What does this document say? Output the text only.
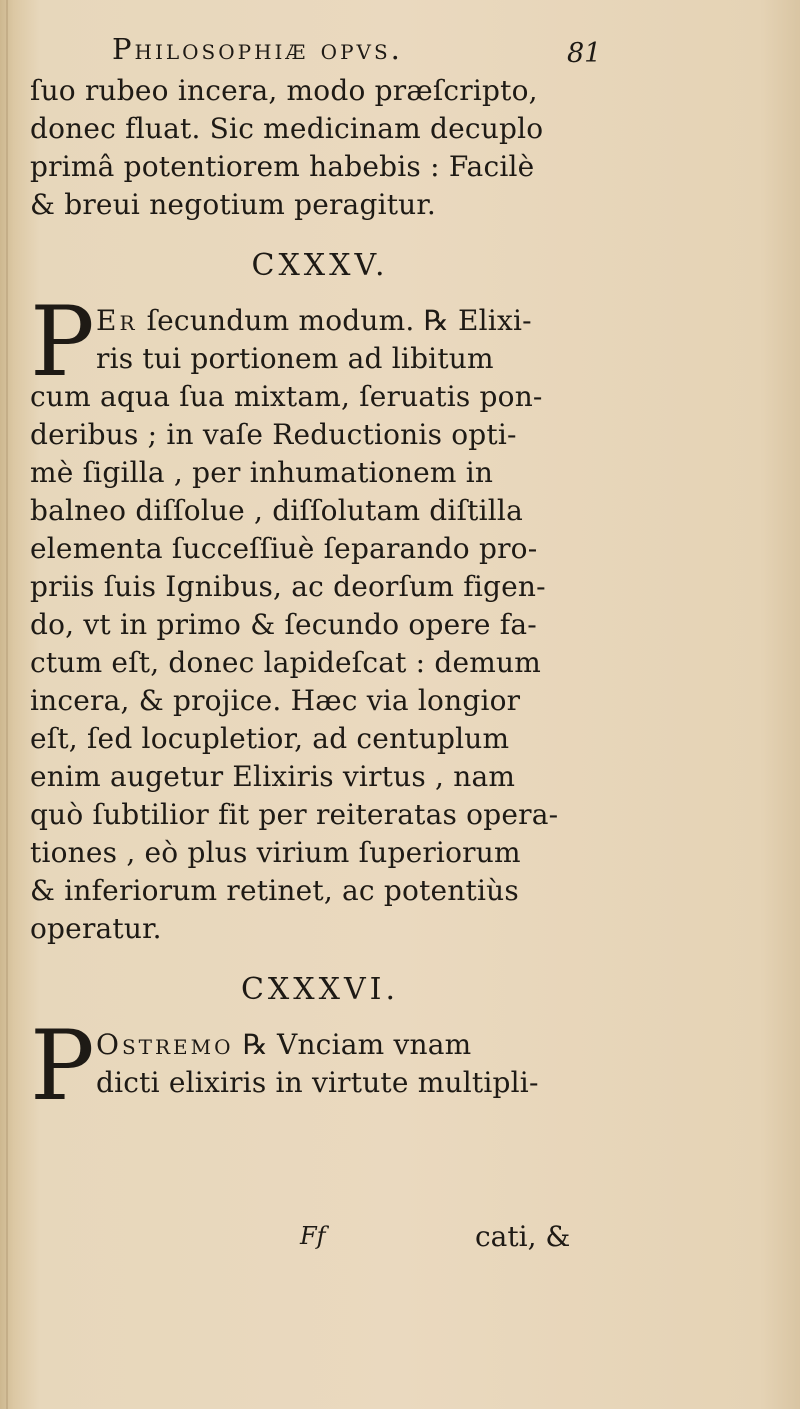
Philosophiæ opvs.	81
ſuo rubeo incera, modo præſcripto,
donec fluat. Sic medicinam decuplo
primâ potentiorem habebis : Facilè
& breui negotium peragitur.
CXXXV.
P Er ſecundum modum. ℞ Elixi-
ris tui portionem ad libitum
cum aqua ſua mixtam, ſeruatis pon-
deribus ; in vaſe Reductionis opti-
mè ſigilla , per inhumationem in
balneo diſſolue , diſſolutam diſtilla
elementa ſucceſſiuè ſeparando pro-
priis ſuis Ignibus, ac deorſum figen-
do, vt in primo & ſecundo opere fa-
ctum eſt, donec lapideſcat : demum
incera, & projice. Hæc via longior
eſt, ſed locupletior, ad centuplum
enim augetur Elixiris virtus , nam
quò ſubtilior fit per reiteratas opera-
tiones , eò plus virium ſuperiorum
& inferiorum retinet, ac potentiùs
operatur.
CXXXVI.
P Ostremo ℞ Vnciam vnam
dicti elixiris in virtute multipli-
Ff	cati, &
